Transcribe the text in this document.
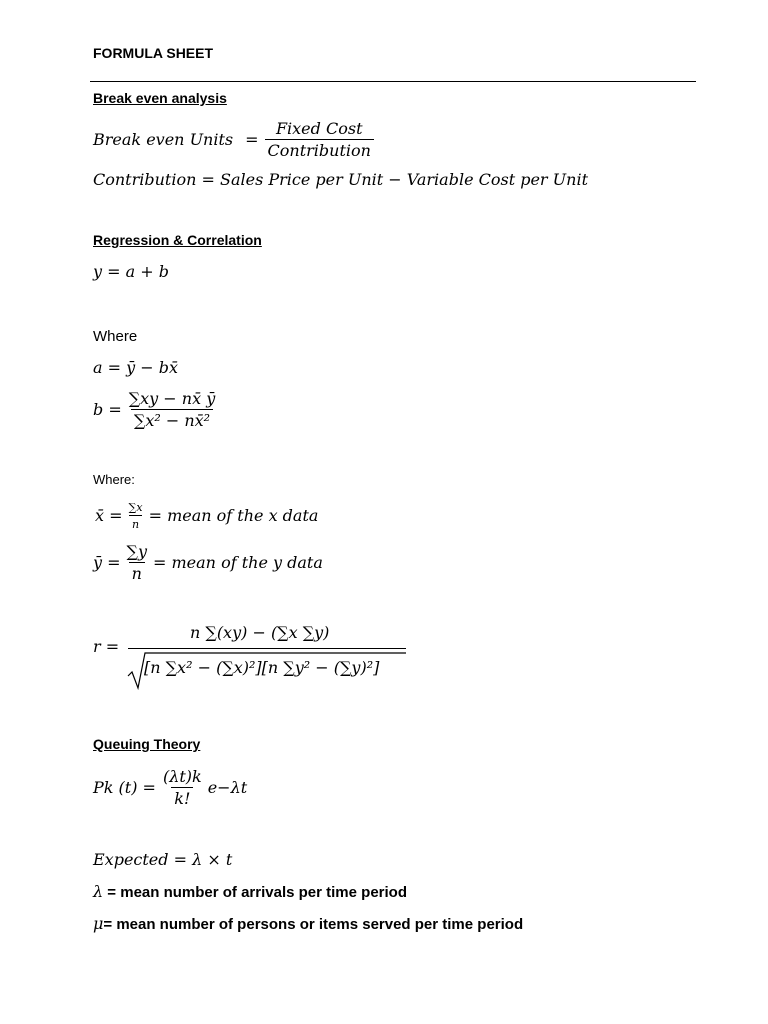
FORMULA SHEET
Break even analysis
Break even Units = $\frac{\text{Fixed Cost}}{\text{Contribution}}$
Contribution = Sales Price per Unit − Variable Cost per Unit
Regression & Correlation
y = a + b
Where
a = ȳ − bx̄
$b = \frac{\sum xy - nx̄ ȳ}{\text{∑x² − nx̄²}}$
Where:
x̄ = $\frac{\sum x}{n}$ = mean of the x data
ȳ = $\frac{\sum y}{n}$ = mean of the y data
r =
n ∑(xy) − (∑x ∑y)
[n ∑x² − (∑x)²][n ∑y² − (∑y)²]
Queuing Theory
Pk $(t) = \frac{(\lambda t)k}{k!} e-\lambda t$
Expected = λ × t
λ = mean number of arrivals per time period
μ= mean number of persons or items served per time period
